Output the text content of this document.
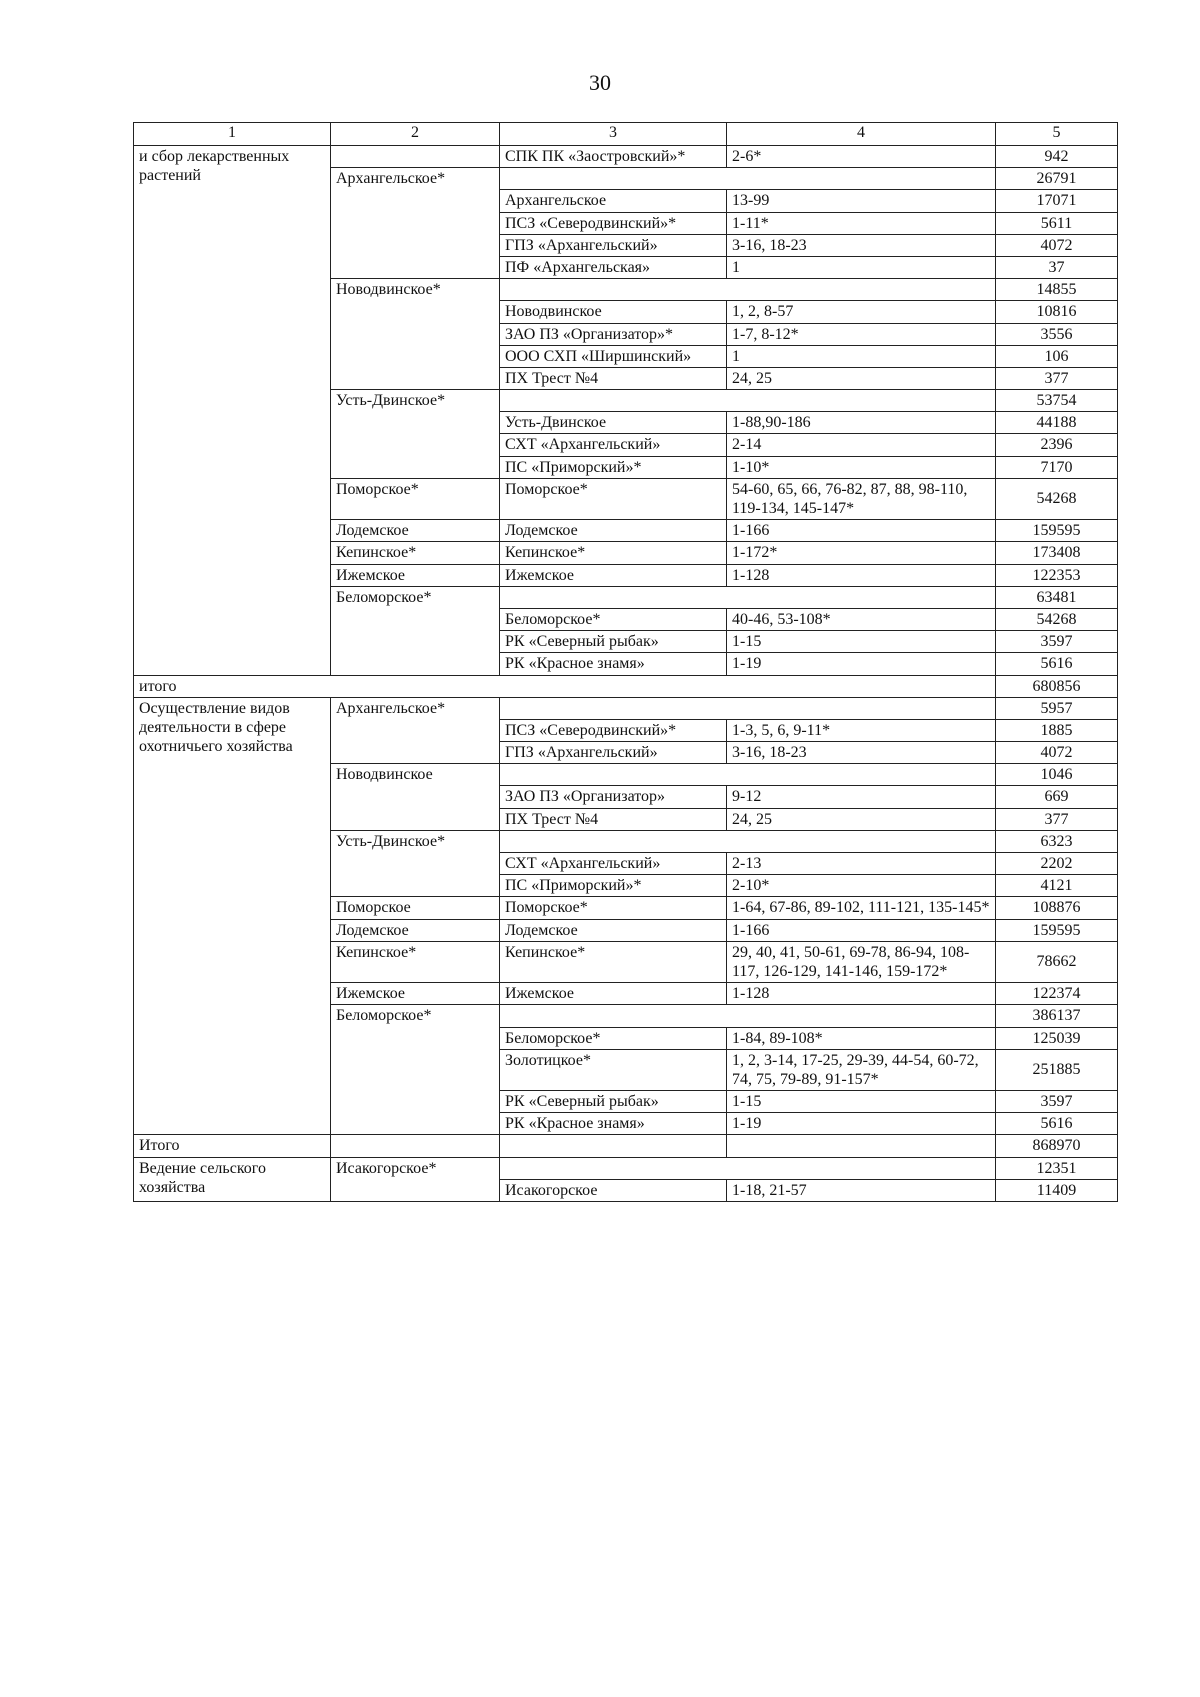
30
1	2	3	4	5
и сбор лекарственных растений		СПК ПК «Заостровский»*	2-6*	942
	Архангельское*			26791
		Архангельское	13-99	17071
		ПСЗ «Северодвинский»*	1-11*	5611
		ГПЗ «Архангельский»	3-16, 18-23	4072
		ПФ «Архангельская»	1	37
	Новодвинское*			14855
		Новодвинское	1, 2, 8-57	10816
		ЗАО ПЗ «Организатор»*	1-7, 8-12*	3556
		ООО СХП «Ширшинский»	1	106
		ПХ Трест №4	24, 25	377
	Усть-Двинское*			53754
		Усть-Двинское	1-88,90-186	44188
		СХТ «Архангельский»	2-14	2396
		ПС «Приморский»*	1-10*	7170
	Поморское*	Поморское*	54-60, 65, 66, 76-82, 87, 88, 98-110, 119-134, 145-147*	54268
	Лодемское	Лодемское	1-166	159595
	Кепинское*	Кепинское*	1-172*	173408
	Ижемское	Ижемское	1-128	122353
	Беломорское*			63481
		Беломорское*	40-46, 53-108*	54268
		РК «Северный рыбак»	1-15	3597
		РК «Красное знамя»	1-19	5616
итого				680856
Осуществление видов деятельности в сфере охотничьего хозяйства	Архангельское*			5957
		ПСЗ «Северодвинский»*	1-3, 5, 6, 9-11*	1885
		ГПЗ «Архангельский»	3-16, 18-23	4072
	Новодвинское			1046
		ЗАО ПЗ «Организатор»	9-12	669
		ПХ Трест №4	24, 25	377
	Усть-Двинское*			6323
		СХТ «Архангельский»	2-13	2202
		ПС «Приморский»*	2-10*	4121
	Поморское	Поморское*	1-64, 67-86, 89-102, 111-121, 135-145*	108876
	Лодемское	Лодемское	1-166	159595
	Кепинское*	Кепинское*	29, 40, 41, 50-61, 69-78, 86-94, 108-117, 126-129, 141-146, 159-172*	78662
	Ижемское	Ижемское	1-128	122374
	Беломорское*			386137
		Беломорское*	1-84, 89-108*	125039
		Золотицкое*	1, 2, 3-14, 17-25, 29-39, 44-54, 60-72, 74, 75, 79-89, 91-157*	251885
		РК «Северный рыбак»	1-15	3597
		РК «Красное знамя»	1-19	5616
Итого				868970
Ведение сельского хозяйства	Исакогорское*			12351
		Исакогорское	1-18, 21-57	11409
